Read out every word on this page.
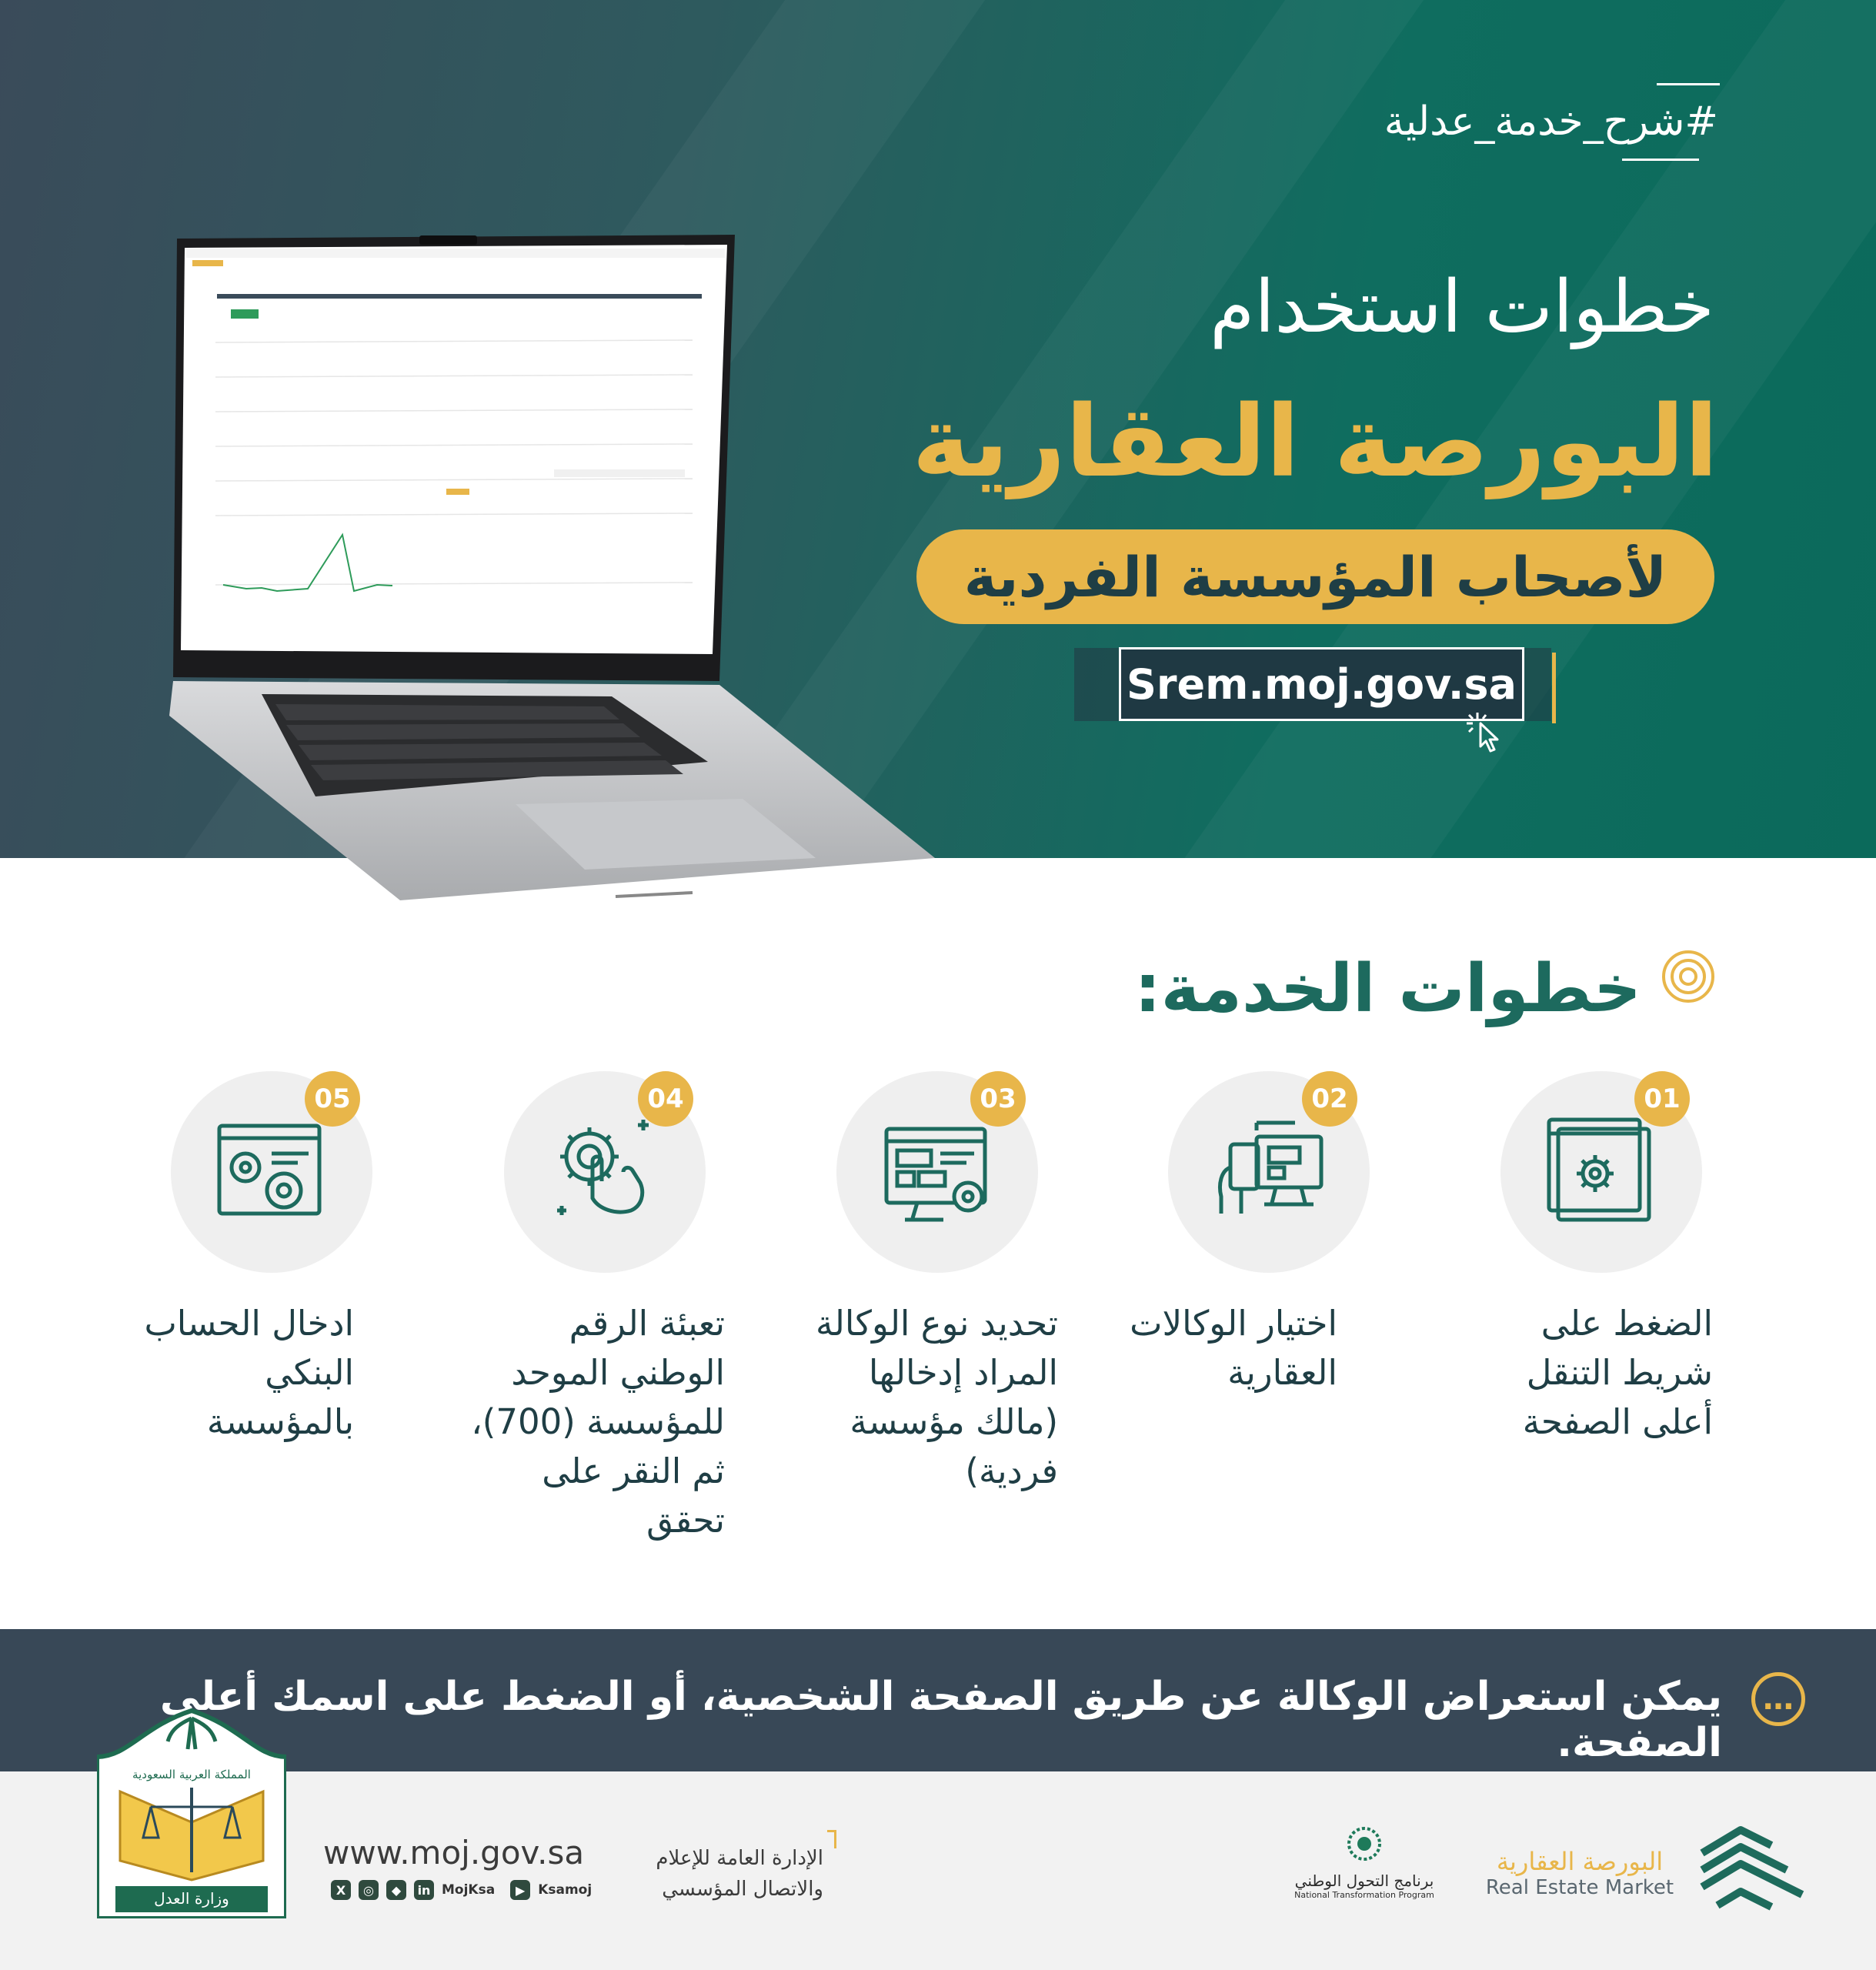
#شرح_خدمة_عدلية
خطوات استخدام
البورصة العقارية
لأصحاب المؤسسة الفردية
Srem.moj.gov.sa
خطوات الخدمة:
01
الضغط على شريط التنقل أعلى الصفحة
02
اختيار الوكالات العقارية
03
تحديد نوع الوكالة المراد إدخالها (مالك مؤسسة فردية)
04
تعبئة الرقم الوطني الموحد للمؤسسة (700)، ثم النقر على تحقق
05
ادخال الحساب البنكي بالمؤسسة
…
يمكن استعراض الوكالة عن طريق الصفحة الشخصية، أو الضغط على اسمك أعلى الصفحة.
وزارة العدل
المملكة العربية السعودية
www.moj.gov.sa
X	◎	◆	in MojKsa	▶ Ksamoj
الإدارة العامة للإعلام
والاتصال المؤسسي	برنامج التحول الوطني
National Transformation Program
البورصة العقارية
Real Estate Market
